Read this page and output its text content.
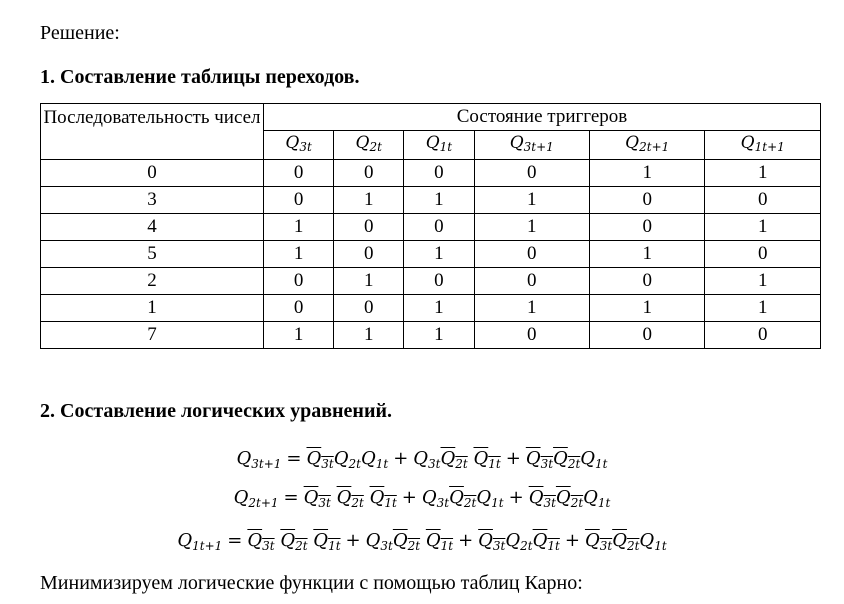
Решение:
1. Составление таблицы переходов.
Последовательность чисел	Состояние триггеров					
	$Q_{3t}$	$Q_{2t}$	$Q_{1t}$	$Q_{3t+1}$	$Q_{2t+1}$	$Q_{1t+1}$
0	0	0	0	0	1	1
3	0	1	1	1	0	0
4	1	0	0	1	0	1
5	1	0	1	0	1	0
2	0	1	0	0	0	1
1	0	0	1	1	1	1
7	1	1	1	0	0	0
2. Составление логических уравнений.
$Q_{3t+1} = Q_{3t}Q_{2t}Q_{1t} + Q_{3t}Q_{2t}$ $Q_{1t} + Q_{3t}Q_{2t}Q_{1t}$
$Q_{2t+1} = Q_{3t}$ $Q_{2t}$ $Q_{1t} + Q_{3t}Q_{2t}Q_{1t} + Q_{3t}Q_{2t}Q_{1t}$
$Q_{1t+1} = Q_{3t}$ $Q_{2t}$ $Q_{1t} + Q_{3t}Q_{2t}$ $Q_{1t} + Q_{3t}Q_{2t}Q_{1t} + Q_{3t}Q_{2t}Q_{1t}$
Минимизируем логические функции с помощью таблиц Карно:
